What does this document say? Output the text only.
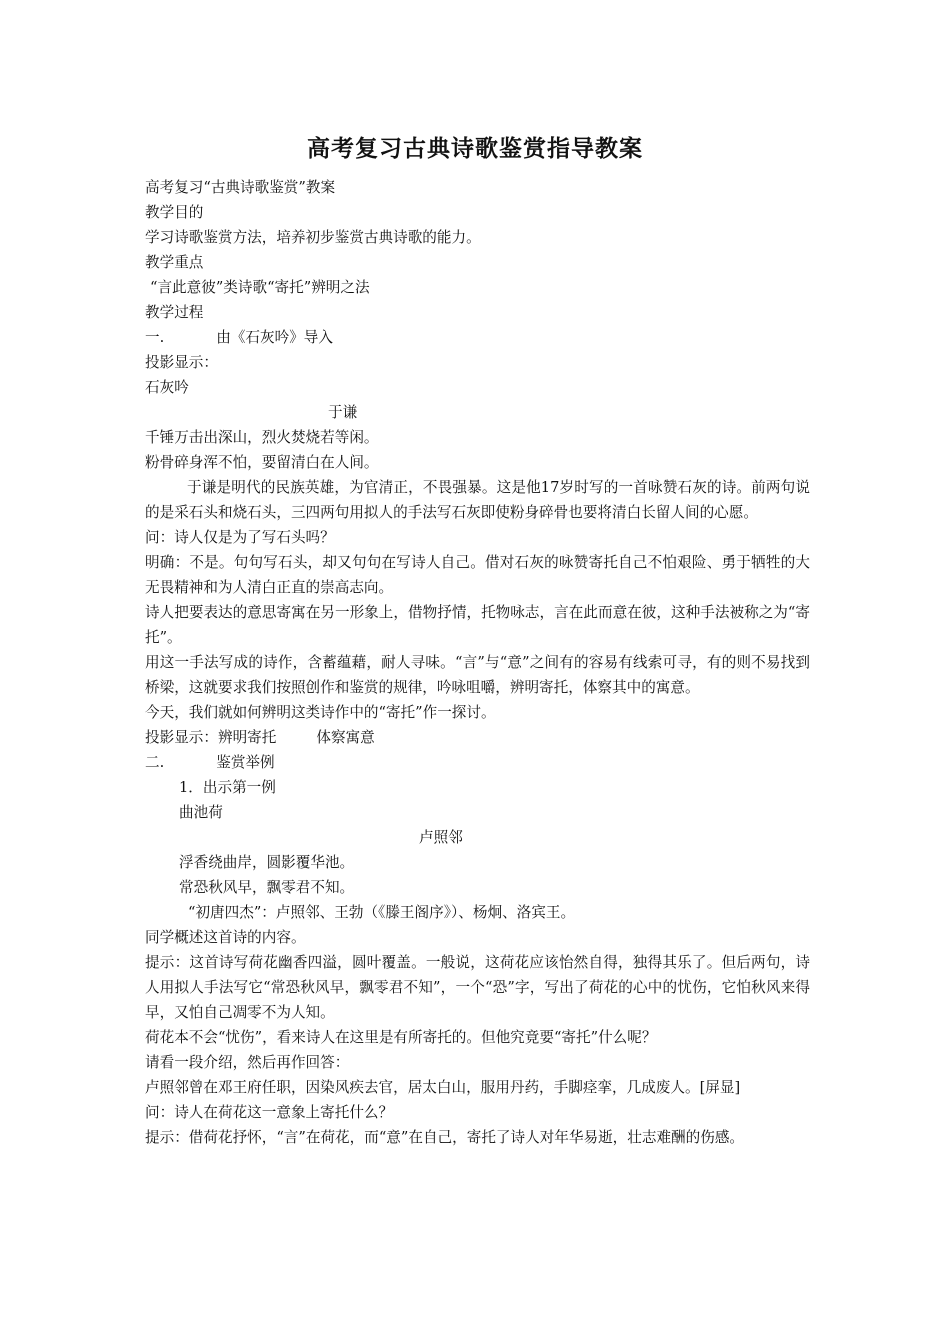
高考复习古典诗歌鉴赏指导教案
高考复习“古典诗歌鉴赏”教案
教学目的
学习诗歌鉴赏方法，培养初步鉴赏古典诗歌的能力。
教学重点
“言此意彼”类诗歌“寄托”辨明之法
教学过程
一.	由《石灰吟》导入
投影显示：
石灰吟
于谦
千锤万击出深山，烈火焚烧若等闲。
粉骨碎身浑不怕，要留清白在人间。
于谦是明代的民族英雄，为官清正，不畏强暴。这是他17岁时写的一首咏赞石灰的诗。前两句说的是采石头和烧石头，三四两句用拟人的手法写石灰即使粉身碎骨也要将清白长留人间的心愿。
问：诗人仅是为了写石头吗？
明确：不是。句句写石头，却又句句在写诗人自己。借对石灰的咏赞寄托自己不怕艰险、勇于牺牲的大无畏精神和为人清白正直的崇高志向。
诗人把要表达的意思寄寓在另一形象上，借物抒情，托物咏志，言在此而意在彼，这种手法被称之为“寄托”。
用这一手法写成的诗作，含蓄蕴藉，耐人寻味。“言”与“意”之间有的容易有线索可寻，有的则不易找到桥梁，这就要求我们按照创作和鉴赏的规律，吟咏咀嚼，辨明寄托，体察其中的寓意。
今天，我们就如何辨明这类诗作中的“寄托”作一探讨。
投影显示：辨明寄托	体察寓意
二.	鉴赏举例
1．出示第一例
曲池荷
卢照邻
浮香绕曲岸，圆影覆华池。
常恐秋风早，飘零君不知。
“初唐四杰”：卢照邻、王勃（《滕王阁序》）、杨炯、洛宾王。
同学概述这首诗的内容。
提示：这首诗写荷花幽香四溢，圆叶覆盖。一般说，这荷花应该怡然自得，独得其乐了。但后两句，诗人用拟人手法写它“常恐秋风早，飘零君不知”，一个“恐”字，写出了荷花的心中的忧伤，它怕秋风来得早，又怕自己凋零不为人知。
荷花本不会“忧伤”，看来诗人在这里是有所寄托的。但他究竟要“寄托”什么呢？
请看一段介绍，然后再作回答：
卢照邻曾在邓王府任职，因染风疾去官，居太白山，服用丹药，手脚痉挛，几成废人。[屏显]
问：诗人在荷花这一意象上寄托什么？
提示：借荷花抒怀，“言”在荷花，而“意”在自己，寄托了诗人对年华易逝，壮志难酬的伤感。
